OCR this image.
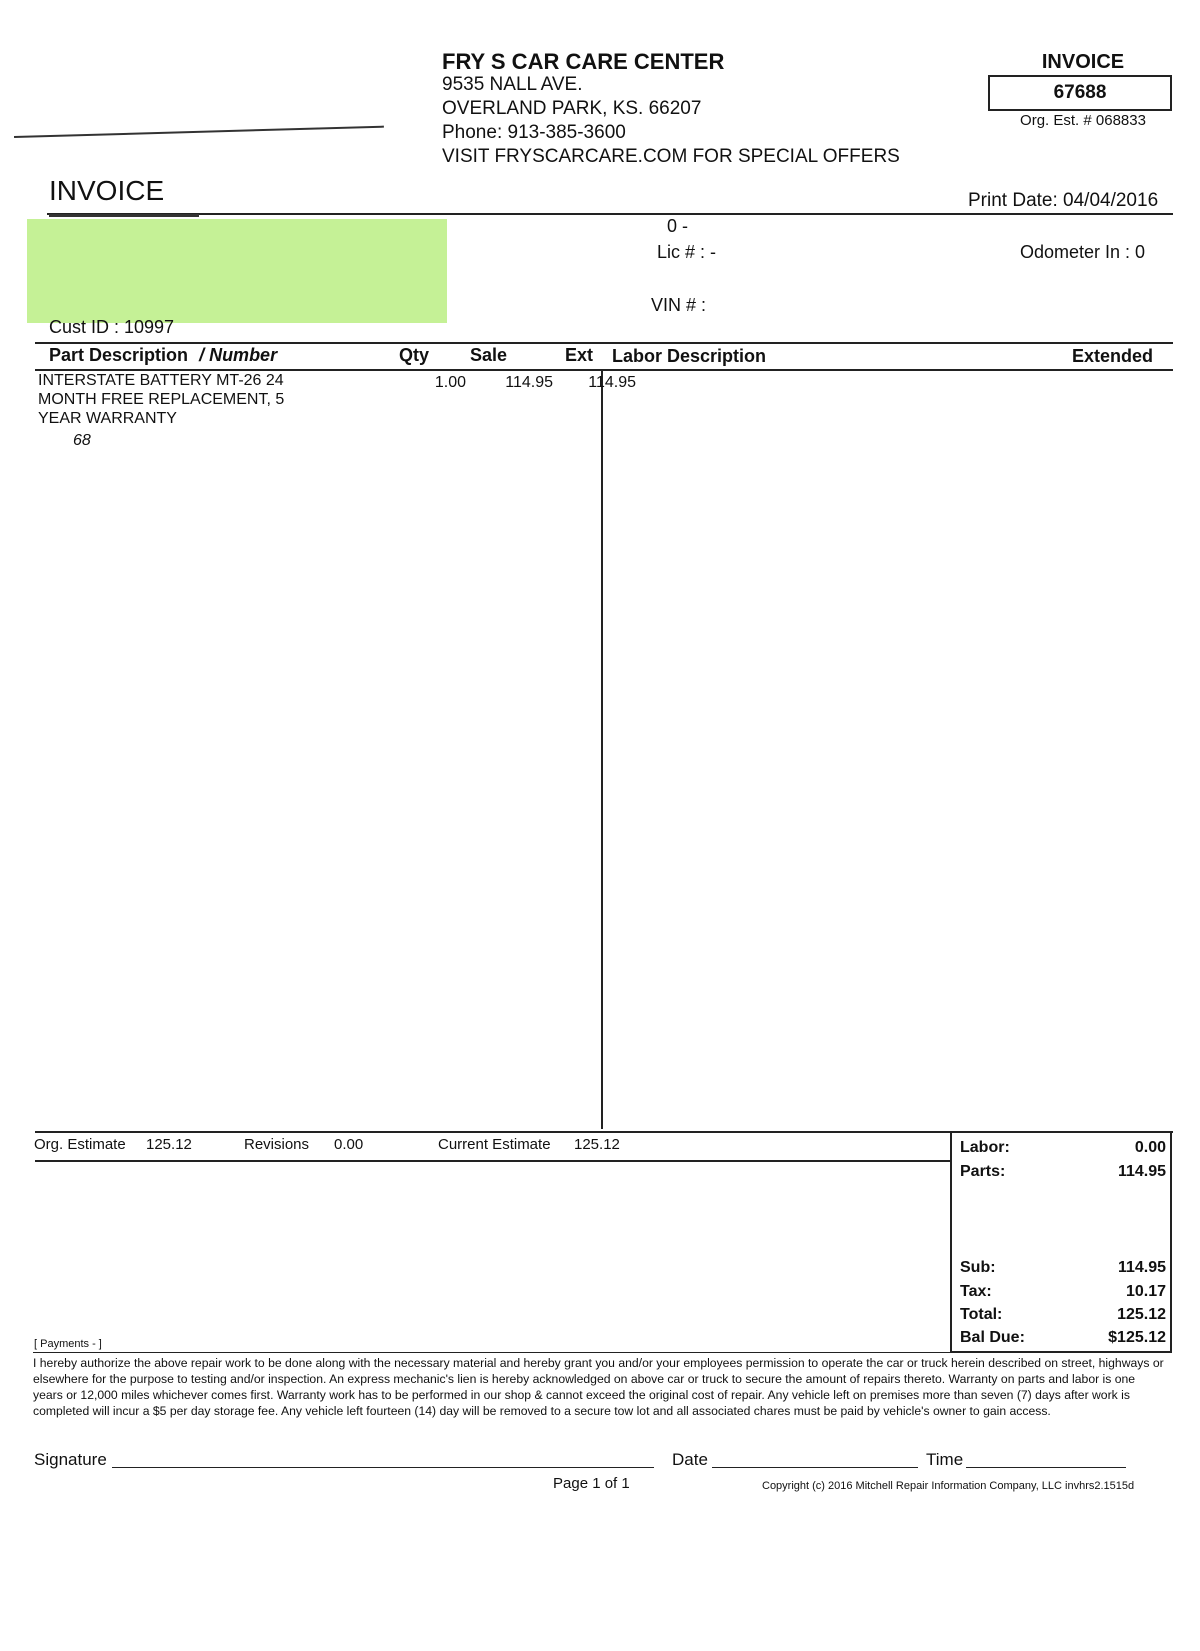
FRY S CAR CARE CENTER
9535 NALL AVE.
OVERLAND PARK, KS. 66207
Phone: 913-385-3600
VISIT FRYSCARCARE.COM FOR SPECIAL OFFERS
INVOICE
67688
Org. Est. # 068833
INVOICE	Print Date: 04/04/2016
Cust ID : 10997
0 -
Lic # : -
VIN # :
Odometer In : 0
Part Description / Number	Qty Sale	Ext Labor Description	Extended
INTERSTATE BATTERY MT-26 24
MONTH FREE REPLACEMENT, 5
YEAR WARRANTY
68
1.00	114.95	114.95
Org. Estimate 125.12	Revisions 0.00	Current Estimate 125.12	Labor:	0.00
Parts:	114.95
Sub:	114.95
Tax:	10.17
Total:	125.12
Bal Due:	$125.12
[ Payments - ]
I hereby authorize the above repair work to be done along with the necessary material and hereby grant you and/or your employees permission to operate the car or truck herein described on street, highways or elsewhere for the purpose to testing and/or inspection. An express mechanic's lien is hereby acknowledged on above car or truck to secure the amount of repairs thereto. Warranty on parts and labor is one years or 12,000 miles whichever comes first. Warranty work has to be performed in our shop & cannot exceed the original cost of repair. Any vehicle left on premises more than seven (7) days after work is completed will incur a $5 per day storage fee. Any vehicle left fourteen (14) day will be removed to a secure tow lot and all associated chares must be paid by vehicle's owner to gain access.
Signature	Date	Time
Page 1 of 1	Copyright (c) 2016 Mitchell Repair Information Company, LLC invhrs2.1515d
